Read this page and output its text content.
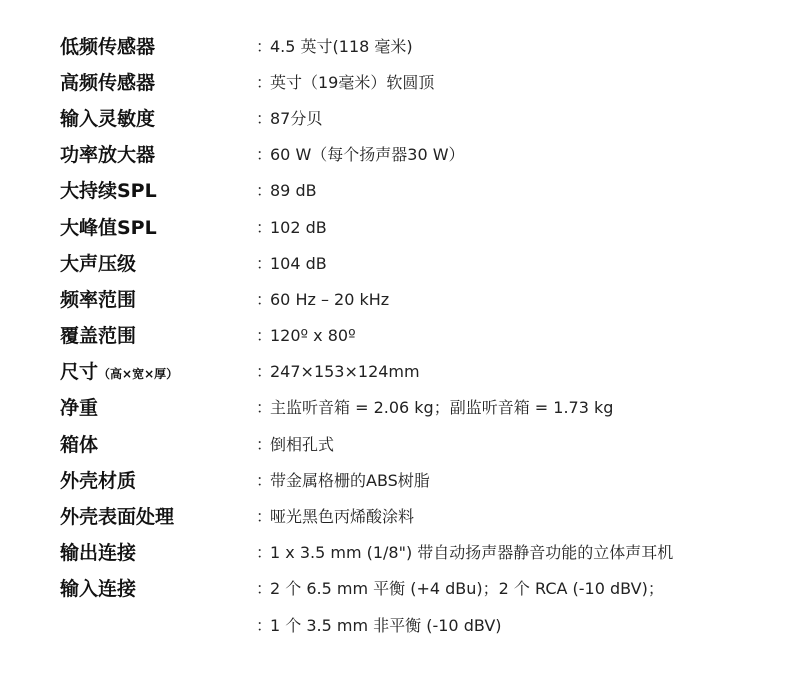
低频传感器	：4.5 英寸(118 毫米)
高频传感器	：英寸（19毫米）软圆顶
输入灵敏度	：87分贝
功率放大器	：60 W（每个扬声器30 W）
大持续SPL	：89 dB
大峰值SPL	：102 dB
大声压级	：104 dB
频率范围	：60 Hz – 20 kHz
覆盖范围	：120º x 80º
尺寸（高×宽×厚）	：247×153×124mm
净重	：主监听音箱 = 2.06 kg；副监听音箱 = 1.73 kg
箱体	：倒相孔式
外壳材质	：带金属格栅的ABS树脂
外壳表面处理	：哑光黑色丙烯酸涂料
输出连接	：1 x 3.5 mm (1/8") 带自动扬声器静音功能的立体声耳机
输入连接	：2 个 6.5 mm 平衡 (+4 dBu)；2 个 RCA (-10 dBV)；
：1 个 3.5 mm 非平衡 (-10 dBV)
